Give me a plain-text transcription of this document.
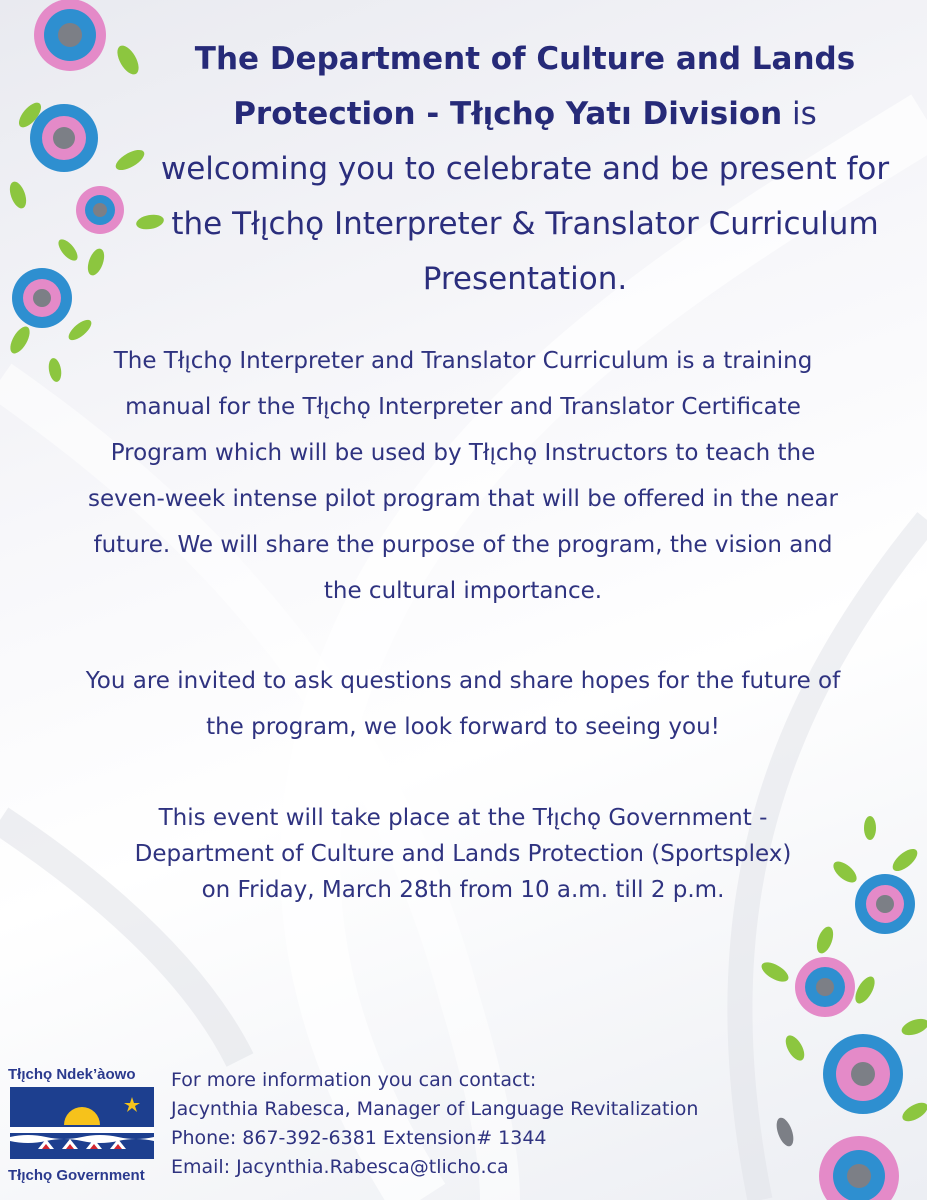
The Department of Culture and Lands Protection - Tłı̨chǫ Yatı Division is welcoming you to celebrate and be present for the Tłı̨chǫ Interpreter & Translator Curriculum Presentation.
The Tłı̨chǫ Interpreter and Translator Curriculum is a training manual for the Tłı̨chǫ Interpreter and Translator Certificate Program which will be used by Tłı̨chǫ Instructors to teach the seven-week intense pilot program that will be offered in the near future. We will share the purpose of the program, the vision and the cultural importance.
You are invited to ask questions and share hopes for the future of the program, we look forward to seeing you!
This event will take place at the Tłı̨chǫ Government - Department of Culture and Lands Protection (Sportsplex) on Friday, March 28th from 10 a.m. till 2 p.m.
Tłı̨chǫ Ndek’àowo
Tłı̨chǫ Government
For more information you can contact:
Jacynthia Rabesca, Manager of Language Revitalization
Phone: 867-392-6381 Extension# 1344
Email: Jacynthia.Rabesca@tlicho.ca
